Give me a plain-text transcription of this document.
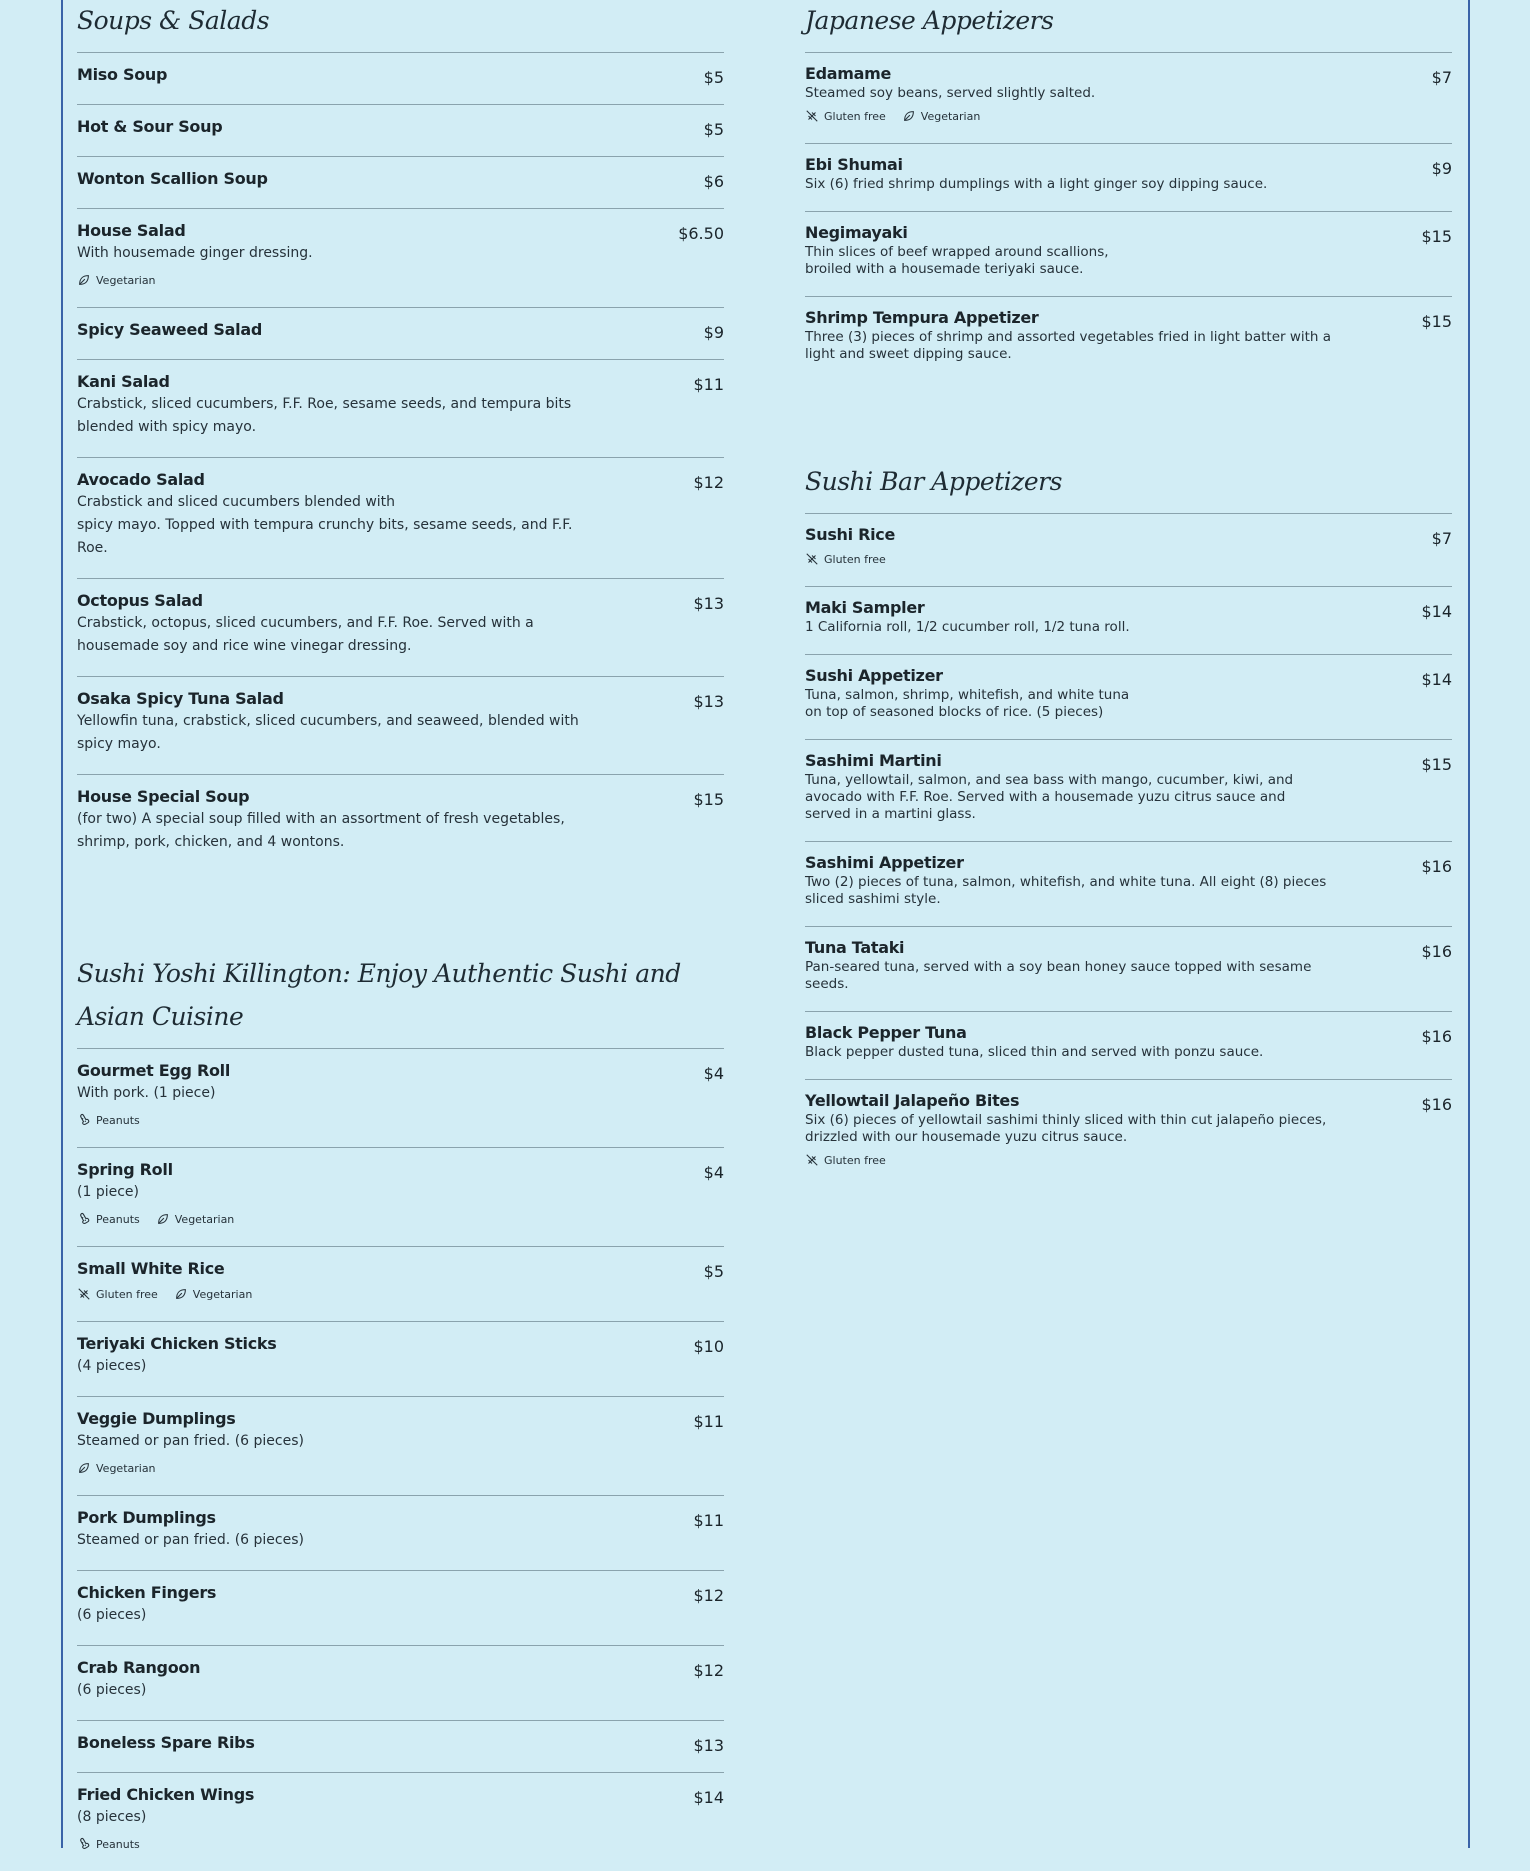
Soups & Salads
Miso Soup	$5
Hot & Sour Soup	$5
Wonton Scallion Soup	$6
House Salad	$6.50
With housemade ginger dressing.
Vegetarian
Spicy Seaweed Salad	$9
Kani Salad	$11
Crabstick, sliced cucumbers, F.F. Roe, sesame seeds, and tempura bits blended with spicy mayo.
Avocado Salad	$12
Crabstick and sliced cucumbers blended with
spicy mayo. Topped with tempura crunchy bits, sesame seeds, and F.F. Roe.
Octopus Salad	$13
Crabstick, octopus, sliced cucumbers, and F.F. Roe. Served with a housemade soy and rice wine vinegar dressing.
Osaka Spicy Tuna Salad	$13
Yellowfin tuna, crabstick, sliced cucumbers, and seaweed, blended with spicy mayo.
House Special Soup	$15
(for two) A special soup filled with an assortment of fresh vegetables, shrimp, pork, chicken, and 4 wontons.
Sushi Yoshi Killington: Enjoy Authentic Sushi and Asian Cuisine
Gourmet Egg Roll	$4
With pork. (1 piece)
Peanuts
Spring Roll	$4
(1 piece)
Peanuts	Vegetarian
Small White Rice	$5
Gluten free	Vegetarian
Teriyaki Chicken Sticks	$10
(4 pieces)
Veggie Dumplings	$11
Steamed or pan fried. (6 pieces)
Vegetarian
Pork Dumplings	$11
Steamed or pan fried. (6 pieces)
Chicken Fingers	$12
(6 pieces)
Crab Rangoon	$12
(6 pieces)
Boneless Spare Ribs	$13
Fried Chicken Wings	$14
(8 pieces)
Peanuts
Japanese Appetizers
Edamame	$7
Steamed soy beans, served slightly salted.
Gluten free	Vegetarian
Ebi Shumai	$9
Six (6) fried shrimp dumplings with a light ginger soy dipping sauce.
Negimayaki	$15
Thin slices of beef wrapped around scallions,
broiled with a housemade teriyaki sauce.
Shrimp Tempura Appetizer	$15
Three (3) pieces of shrimp and assorted vegetables fried in light batter with a light and sweet dipping sauce.
Sushi Bar Appetizers
Sushi Rice	$7
Gluten free
Maki Sampler	$14
1 California roll, 1/2 cucumber roll, 1/2 tuna roll.
Sushi Appetizer	$14
Tuna, salmon, shrimp, whitefish, and white tuna
on top of seasoned blocks of rice. (5 pieces)
Sashimi Martini	$15
Tuna, yellowtail, salmon, and sea bass with mango, cucumber, kiwi, and avocado with F.F. Roe. Served with a housemade yuzu citrus sauce and served in a martini glass.
Sashimi Appetizer	$16
Two (2) pieces of tuna, salmon, whitefish, and white tuna. All eight (8) pieces sliced sashimi style.
Tuna Tataki	$16
Pan-seared tuna, served with a soy bean honey sauce topped with sesame seeds.
Black Pepper Tuna	$16
Black pepper dusted tuna, sliced thin and served with ponzu sauce.
Yellowtail Jalapeño Bites	$16
Six (6) pieces of yellowtail sashimi thinly sliced with thin cut jalapeño pieces, drizzled with our housemade yuzu citrus sauce.
Gluten free
